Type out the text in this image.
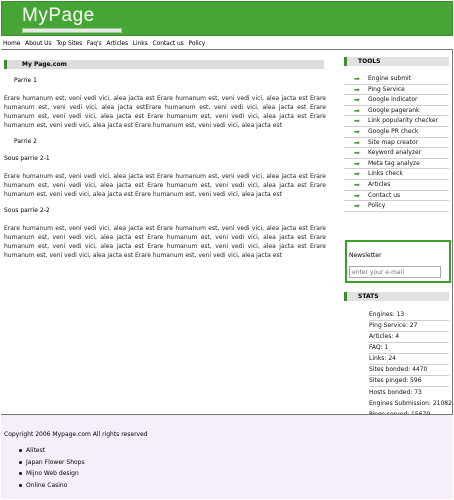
MyPage
Home About Us Top Sites Faq's Articles Links Contact us Policy
My Page.com
Parrie 1
Erare humanum est, veni vedi vici, alea jacta est Erare humanum est, veni vedi vici, alea jacta est Erare humanum est, veni vedi vici, alea jacta estErare humanum est, veni vedi vici, alea jacta est Erare humanum est, veni vedi vici, alea jacta est Erare humanum est, veni vedi vici, alea jacta est Erare humanum est, veni vedi vici, alea jacta est Erare humanum est, veni vedi vici, alea jacta est
Parrie 2
Sous parrie 2-1
Erare humanum est, veni vedi vici, alea jacta est Erare humanum est, veni vedi vici, alea jacta est Erare humanum est, veni vedi vici, alea jacta est Erare humanum est, veni vedi vici, alea jacta est Erare humanum est, veni vedi vici, alea jacta est Erare humanum est, veni vedi vici, alea jacta est
Sous parrie 2-2
Erare humanum est, veni vedi vici, alea jacta est Erare humanum est, veni vedi vici, alea jacta est Erare humanum est, veni vedi vici, alea jacta est Erare humanum est, veni vedi vici, alea jacta est Erare humanum est, veni vedi vici, alea jacta est Erare humanum est, veni vedi vici, alea jacta est Erare humanum est, veni vedi vici, alea jacta est Erare humanum est, veni vedi vici, alea jacta est
TOOLS
➡ Engine submit
➡ Ping Service
➡ Google indicator
➡ Google pagerank
➡ Link popularity checker
➡ Google PR check
➡ Site map creator
➡ Keyword analyzer
➡ Meta tag analyze
➡ Links check
➡ Articles
➡ Contact us
➡ Policy
STATS
Engines: 13
Ping Service: 27
Articles: 4
FAQ: 1
Links: 24
Sites bonded: 4470
Sites pinged: 596
Hosts bonded: 73
Engines Submission: 21082
Newsletter
enter your e-mail
Copyright 2006 Mypage.com All rights reserved
Alitest
Japan Flower Shops
Mijno Web design
Online Casino
